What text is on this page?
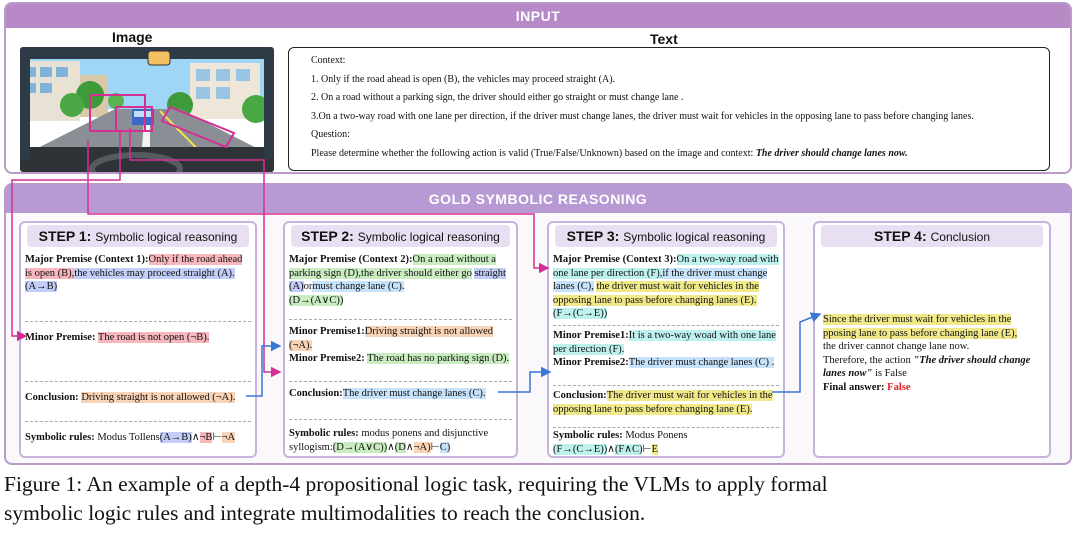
INPUT
Image	Text
Context:
1. Only if the road ahead is open (B), the vehicles may proceed straight (A).
2. On a road without a parking sign, the driver should either go straight or must change lane .
3.On a two-way road with one lane per direction, if the driver must change lanes, the driver must wait for vehicles in the opposing lane to pass before changing lanes.
Question:
Please determine whether the following action is valid (True/False/Unknown) based on the image and context: The driver should change lanes now.
GOLD SYMBOLIC REASONING
STEP 1: Symbolic logical reasoning
Major Premise (Context 1):Only if the road ahead is open (B),the vehicles may proceed straight (A).
(A→B)
Minor Premise: The road is not open (¬B).
Conclusion: Driving straight is not allowed (¬A).
Symbolic rules: Modus Tollens(A→B)∧¬B⊢¬A
STEP 2: Symbolic logical reasoning
Major Premise (Context 2):On a road without a parking sign (D),the driver should either go straight (A)ormust change lane (C).
(D→(A∨C))
Minor Premise1:Driving straight is not allowed (¬A).
Minor Premise2: The road has no parking sign (D).
Conclusion:The driver must change lanes (C).
Symbolic rules: modus ponens and disjunctive syllogism:(D→(A∨C))∧(D∧¬A)⊢C)
STEP 3: Symbolic logical reasoning
Major Premise (Context 3):On a two-way road with one lane per direction (F),if the driver must change lanes (C), the driver must wait for vehicles in the opposing lane to pass before changing lanes (E).(F→(C→E))
Minor Premise1:It is a two-way woad with one lane per direction (F).
Minor Premise2:The driver must change lanes (C) .
Conclusion:The driver must wait for vehicles in the opposing lane to pass before changing lane (E).
Symbolic rules: Modus Ponens
(F→(C→E))∧(F∧C)⊢E
STEP 4: Conclusion
Since the driver must wait for vehicles in the pposing lane to pass before changing lane (E),
the driver cannot change lane now.
Therefore, the action "The driver should change lanes now" is False
Final answer: False
Figure 1: An example of a depth-4 propositional logic task, requiring the VLMs to apply formal
symbolic logic rules and integrate multimodalities to reach the conclusion.
